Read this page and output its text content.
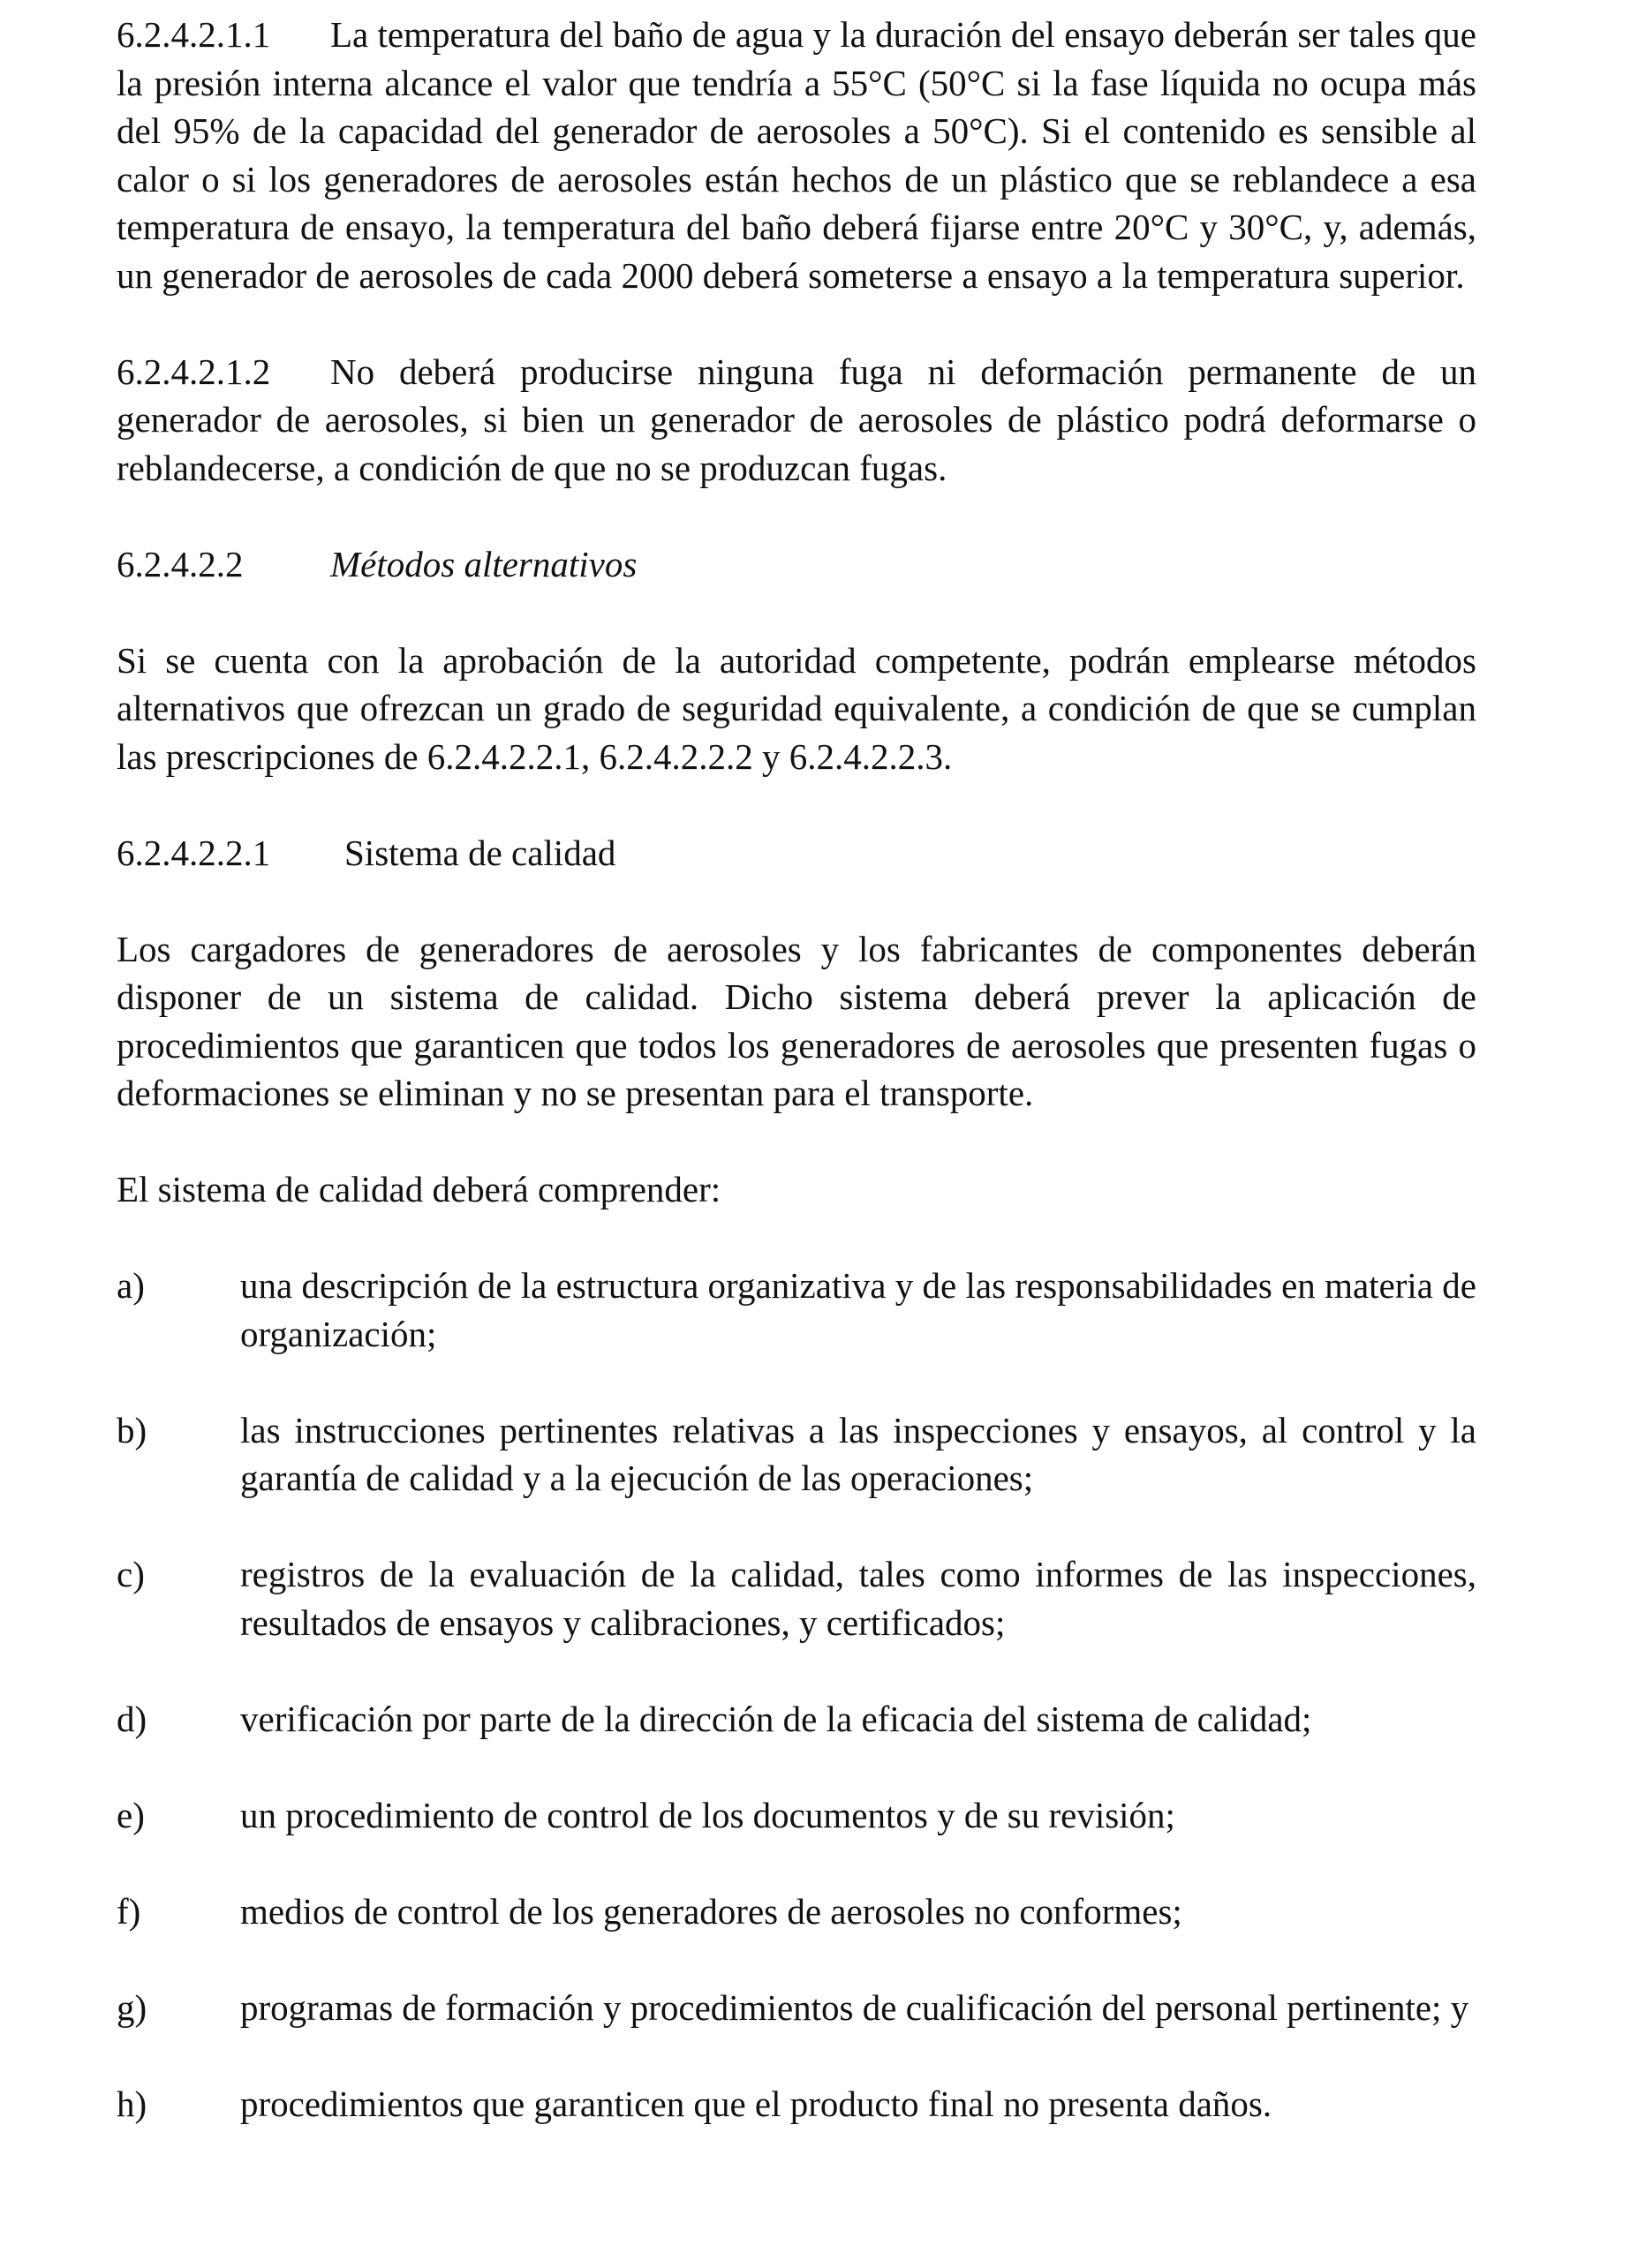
6.2.4.2.1.1 La temperatura del baño de agua y la duración del ensayo deberán ser tales que la presión interna alcance el valor que tendría a 55°C (50°C si la fase líquida no ocupa más del 95% de la capacidad del generador de aerosoles a 50°C). Si el contenido es sensible al calor o si los generadores de aerosoles están hechos de un plástico que se reblandece a esa temperatura de ensayo, la temperatura del baño deberá fijarse entre 20°C y 30°C, y, además, un generador de aerosoles de cada 2000 deberá someterse a ensayo a la temperatura superior.

6.2.4.2.1.2 No deberá producirse ninguna fuga ni deformación permanente de un generador de aerosoles, si bien un generador de aerosoles de plástico podrá deformarse o reblandecerse, a condición de que no se produzcan fugas.

6.2.4.2.2 Métodos alternativos

Si se cuenta con la aprobación de la autoridad competente, podrán emplearse métodos alternativos que ofrezcan un grado de seguridad equivalente, a condición de que se cumplan las prescripciones de 6.2.4.2.2.1, 6.2.4.2.2.2 y 6.2.4.2.2.3.

6.2.4.2.2.1 Sistema de calidad

Los cargadores de generadores de aerosoles y los fabricantes de componentes deberán disponer de un sistema de calidad. Dicho sistema deberá prever la aplicación de procedimientos que garanticen que todos los generadores de aerosoles que presenten fugas o deformaciones se eliminan y no se presentan para el transporte.

El sistema de calidad deberá comprender:

a)	una descripción de la estructura organizativa y de las responsabilidades en materia de organización;
b)	las instrucciones pertinentes relativas a las inspecciones y ensayos, al control y la garantía de calidad y a la ejecución de las operaciones;
c)	registros de la evaluación de la calidad, tales como informes de las inspecciones, resultados de ensayos y calibraciones, y certificados;
d)	verificación por parte de la dirección de la eficacia del sistema de calidad;
e)	un procedimiento de control de los documentos y de su revisión;
f)	medios de control de los generadores de aerosoles no conformes;
g)	programas de formación y procedimientos de cualificación del personal pertinente; y
h)	procedimientos que garanticen que el producto final no presenta daños.
